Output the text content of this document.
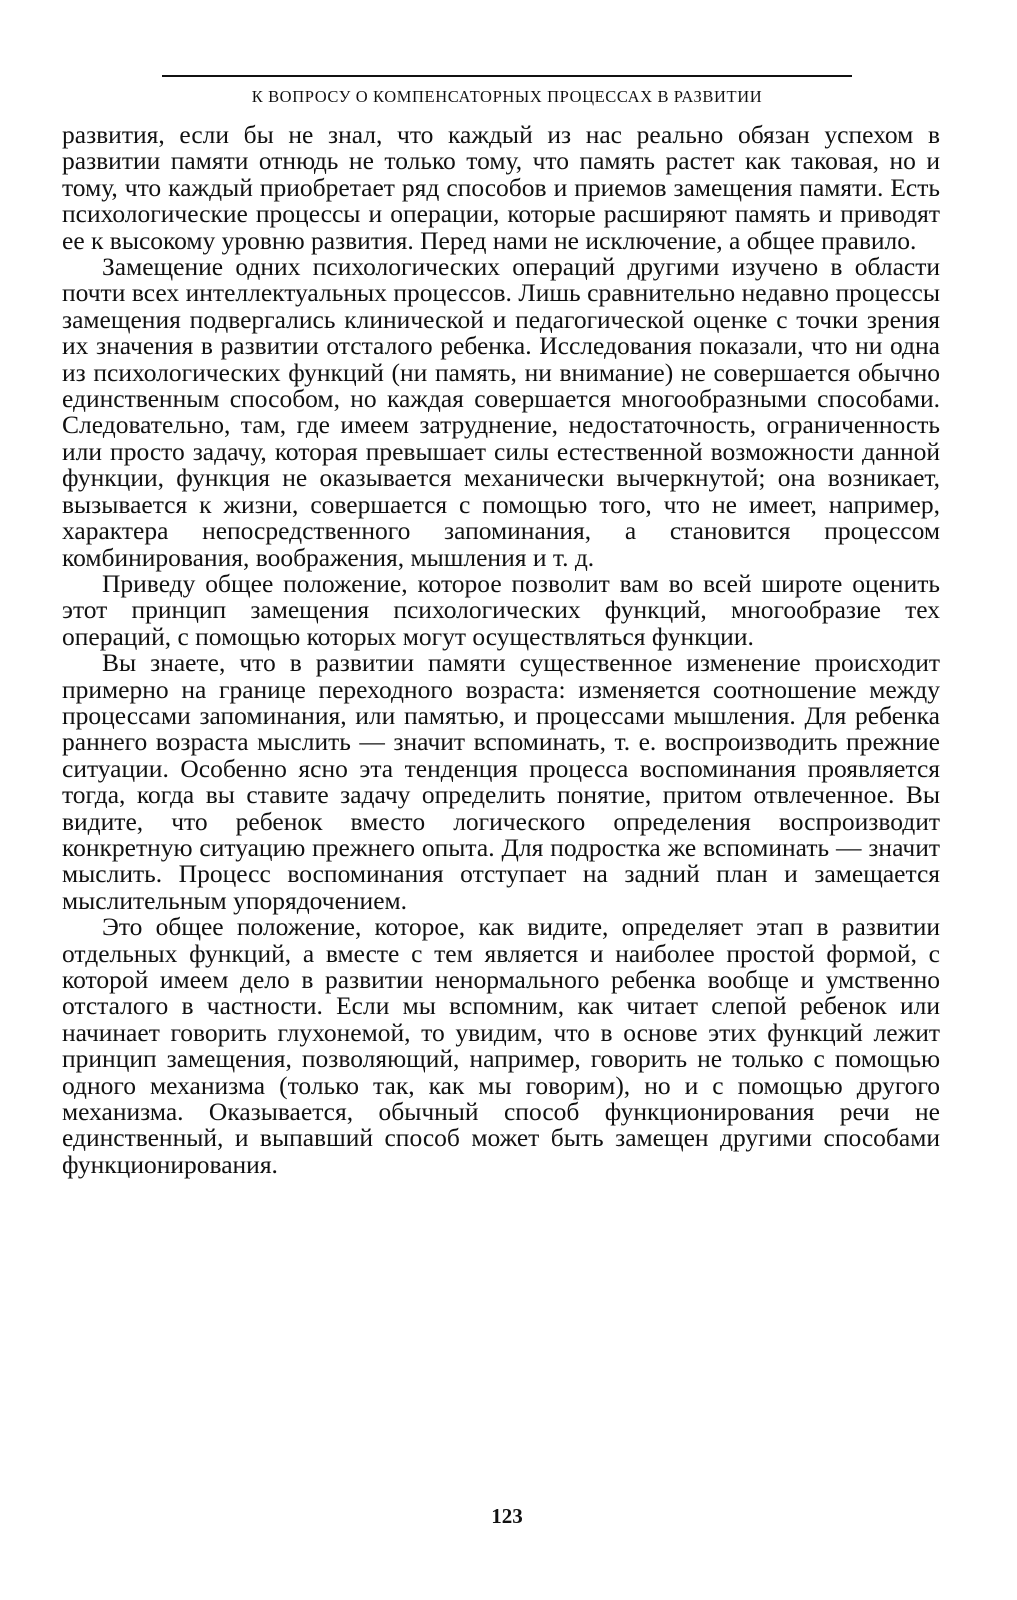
К ВОПРОСУ О КОМПЕНСАТОРНЫХ ПРОЦЕССАХ В РАЗВИТИИ

развития, если бы не знал, что каждый из нас реально обязан успехом в развитии памяти отнюдь не только тому, что память растет как таковая, но и тому, что каждый приобретает ряд способов и приемов замещения памяти. Есть психологические процессы и операции, которые расширяют память и приводят ее к высокому уровню развития. Перед нами не исключение, а общее правило.

Замещение одних психологических операций другими изучено в области почти всех интеллектуальных процессов. Лишь сравнительно недавно процессы замещения подвергались клинической и педагогической оценке с точки зрения их значения в развитии отсталого ребенка. Исследования показали, что ни одна из психологических функций (ни память, ни внимание) не совершается обычно единственным способом, но каждая совершается многообразными способами. Следовательно, там, где имеем затруднение, недостаточность, ограниченность или просто задачу, которая превышает силы естественной возможности данной функции, функция не оказывается механически вычеркнутой; она возникает, вызывается к жизни, совершается с помощью того, что не имеет, например, характера непосредственного запоминания, а становится процессом комбинирования, воображения, мышления и т. д.

Приведу общее положение, которое позволит вам во всей широте оценить этот принцип замещения психологических функций, многообразие тех операций, с помощью которых могут осуществляться функции.

Вы знаете, что в развитии памяти существенное изменение происходит примерно на границе переходного возраста: изменяется соотношение между процессами запоминания, или памятью, и процессами мышления. Для ребенка раннего возраста мыслить — значит вспоминать, т. е. воспроизводить прежние ситуации. Особенно ясно эта тенденция процесса воспоминания проявляется тогда, когда вы ставите задачу определить понятие, притом отвлеченное. Вы видите, что ребенок вместо логического определения воспроизводит конкретную ситуацию прежнего опыта. Для подростка же вспоминать — значит мыслить. Процесс воспоминания отступает на задний план и замещается мыслительным упорядочением.

Это общее положение, которое, как видите, определяет этап в развитии отдельных функций, а вместе с тем является и наиболее простой формой, с которой имеем дело в развитии ненормального ребенка вообще и умственно отсталого в частности. Если мы вспомним, как читает слепой ребенок или начинает говорить глухонемой, то увидим, что в основе этих функций лежит принцип замещения, позволяющий, например, говорить не только с помощью одного механизма (только так, как мы говорим), но и с помощью другого механизма. Оказывается, обычный способ функционирования речи не единственный, и выпавший способ может быть замещен другими способами функционирования.

123
